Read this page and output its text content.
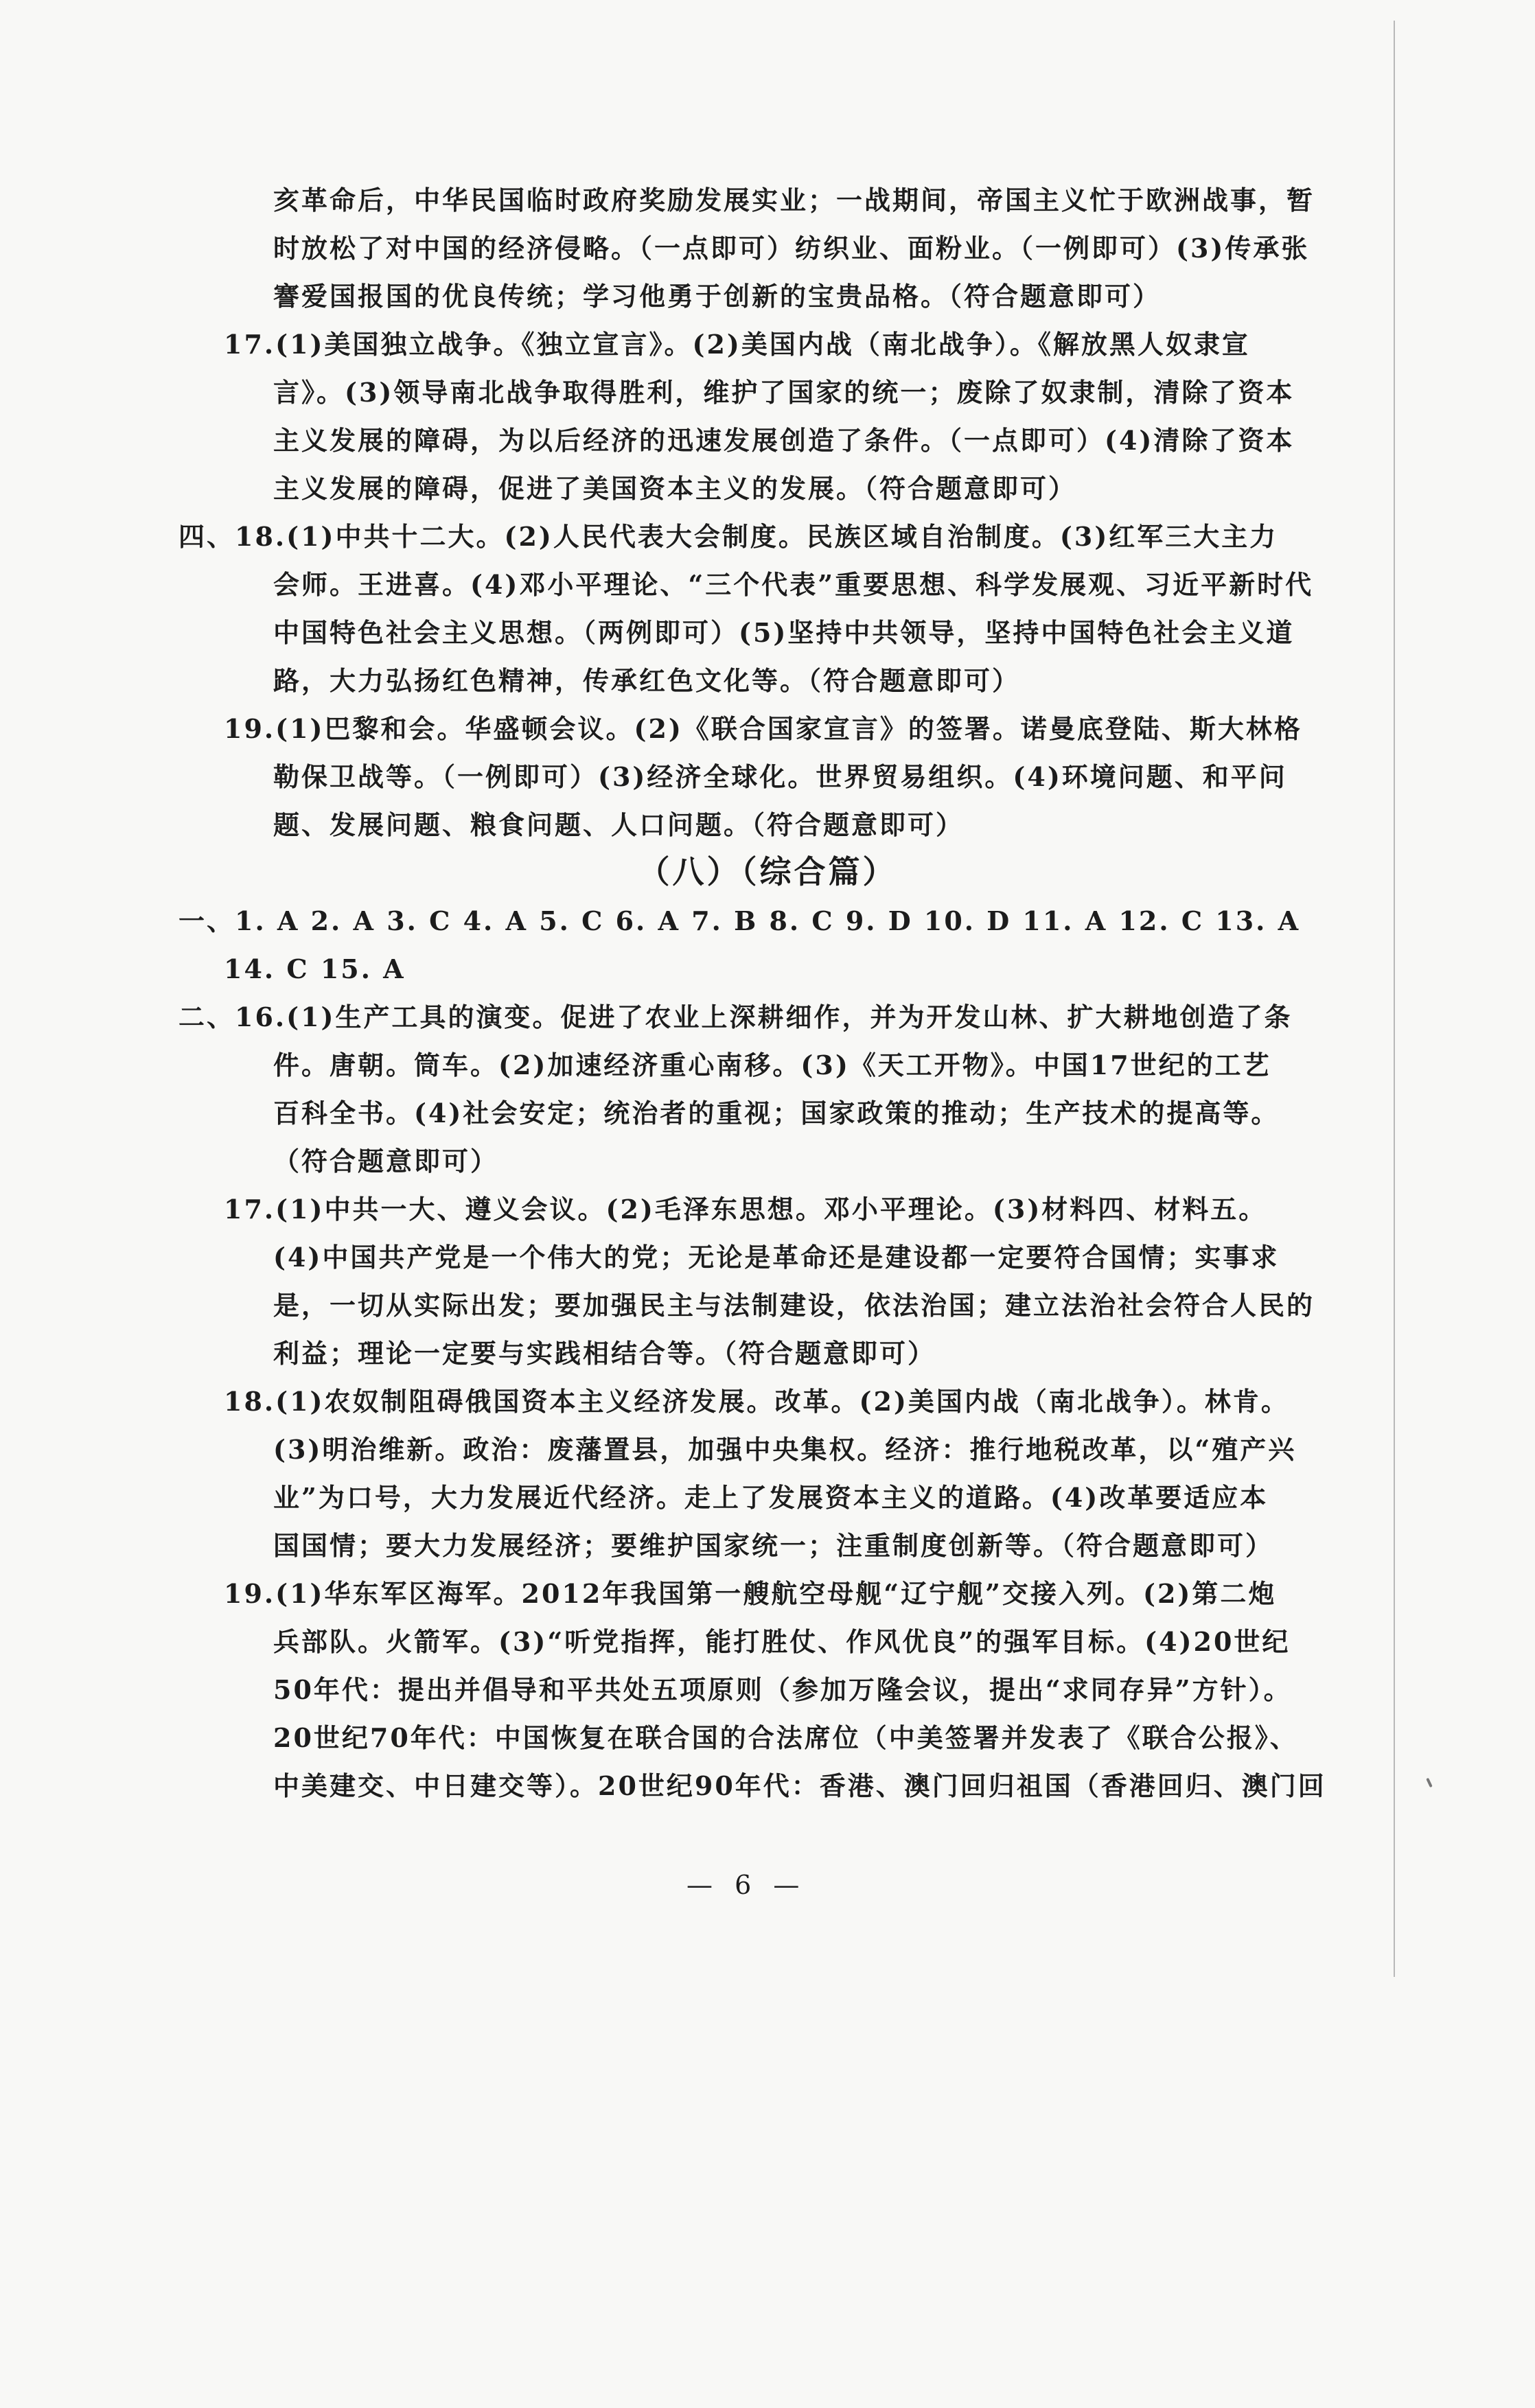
亥革命后，中华民国临时政府奖励发展实业；一战期间，帝国主义忙于欧洲战事，暂
时放松了对中国的经济侵略。（一点即可）纺织业、面粉业。（一例即可）(3)传承张
謇爱国报国的优良传统；学习他勇于创新的宝贵品格。（符合题意即可）
17.(1)美国独立战争。《独立宣言》。(2)美国内战（南北战争）。《解放黑人奴隶宣
言》。(3)领导南北战争取得胜利，维护了国家的统一；废除了奴隶制，清除了资本
主义发展的障碍，为以后经济的迅速发展创造了条件。（一点即可）(4)清除了资本
主义发展的障碍，促进了美国资本主义的发展。（符合题意即可）
四、18.(1)中共十二大。(2)人民代表大会制度。民族区域自治制度。(3)红军三大主力
会师。王进喜。(4)邓小平理论、“三个代表”重要思想、科学发展观、习近平新时代
中国特色社会主义思想。（两例即可）(5)坚持中共领导，坚持中国特色社会主义道
路，大力弘扬红色精神，传承红色文化等。（符合题意即可）
19.(1)巴黎和会。华盛顿会议。(2)《联合国家宣言》的签署。诺曼底登陆、斯大林格
勒保卫战等。（一例即可）(3)经济全球化。世界贸易组织。(4)环境问题、和平问
题、发展问题、粮食问题、人口问题。（符合题意即可）
（八）（综合篇）
一、1. A 2. A 3. C 4. A 5. C 6. A 7. B 8. C 9. D 10. D 11. A 12. C 13. A
14. C 15. A
二、16.(1)生产工具的演变。促进了农业上深耕细作，并为开发山林、扩大耕地创造了条
件。唐朝。筒车。(2)加速经济重心南移。(3)《天工开物》。中国17世纪的工艺
百科全书。(4)社会安定；统治者的重视；国家政策的推动；生产技术的提高等。
（符合题意即可）
17.(1)中共一大、遵义会议。(2)毛泽东思想。邓小平理论。(3)材料四、材料五。
(4)中国共产党是一个伟大的党；无论是革命还是建设都一定要符合国情；实事求
是，一切从实际出发；要加强民主与法制建设，依法治国；建立法治社会符合人民的
利益；理论一定要与实践相结合等。（符合题意即可）
18.(1)农奴制阻碍俄国资本主义经济发展。改革。(2)美国内战（南北战争）。林肯。
(3)明治维新。政治：废藩置县，加强中央集权。经济：推行地税改革，以“殖产兴
业”为口号，大力发展近代经济。走上了发展资本主义的道路。(4)改革要适应本
国国情；要大力发展经济；要维护国家统一；注重制度创新等。（符合题意即可）
19.(1)华东军区海军。2012年我国第一艘航空母舰“辽宁舰”交接入列。(2)第二炮
兵部队。火箭军。(3)“听党指挥，能打胜仗、作风优良”的强军目标。(4)20世纪
50年代：提出并倡导和平共处五项原则（参加万隆会议，提出“求同存异”方针）。
20世纪70年代：中国恢复在联合国的合法席位（中美签署并发表了《联合公报》、
中美建交、中日建交等）。20世纪90年代：香港、澳门回归祖国（香港回归、澳门回
— 6 —
